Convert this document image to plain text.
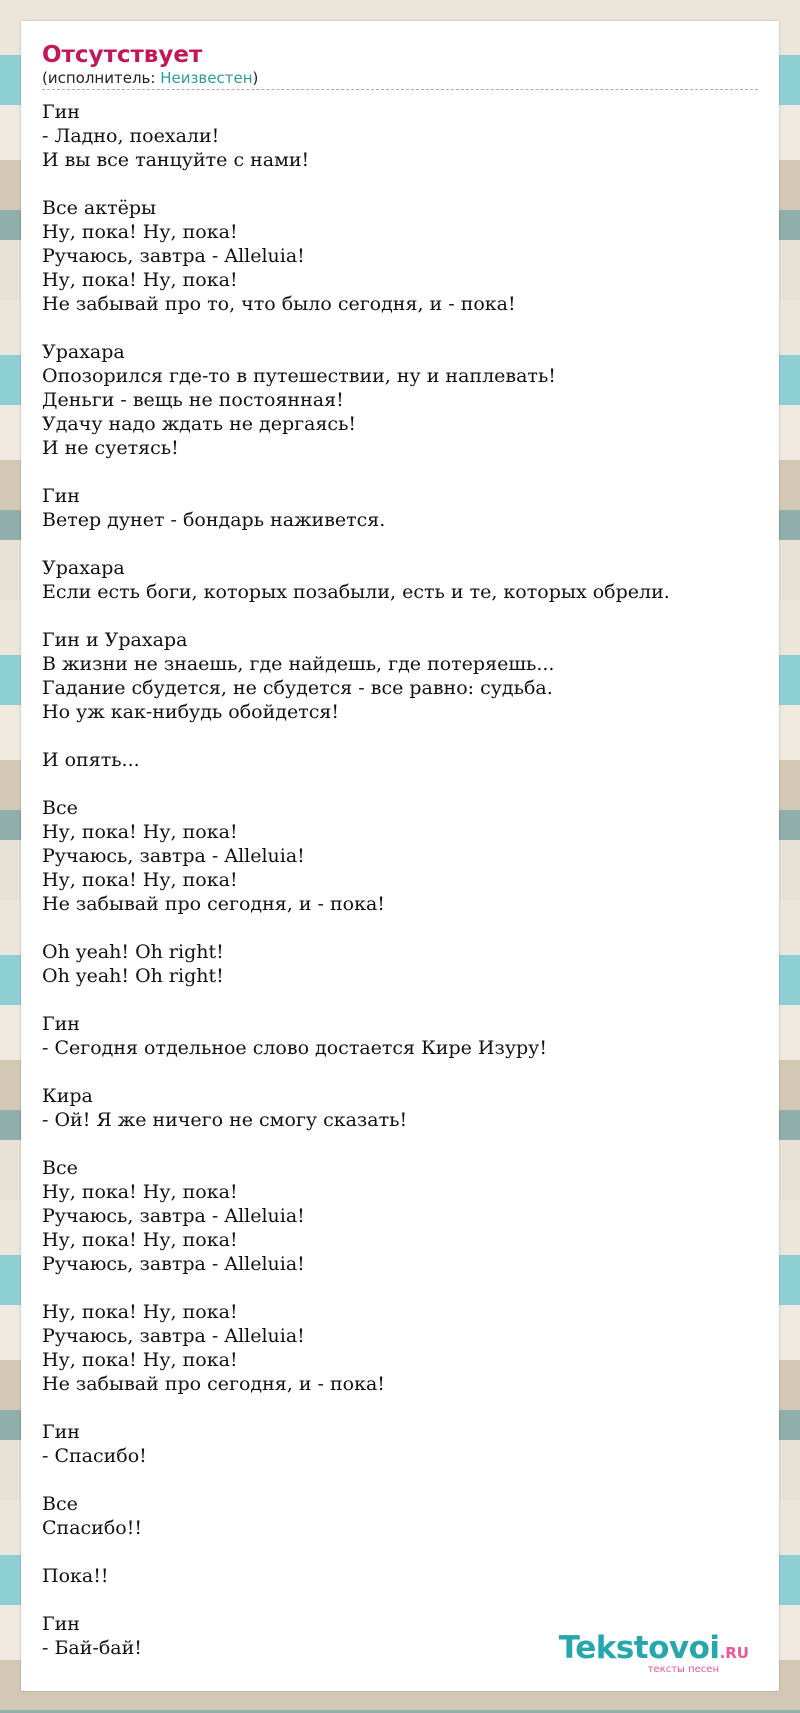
Отсутствует
(исполнитель: Неизвестен)
Гин
- Ладно, поехали!
И вы все танцуйте с нами!
Все актёры
Ну, пока! Ну, пока!
Ручаюсь, завтра - Alleluia!
Ну, пока! Ну, пока!
Не забывай про то, что было сегодня, и - пока!
Урахара
Опозорился где-то в путешествии, ну и наплевать!
Деньги - вещь не постоянная!
Удачу надо ждать не дергаясь!
И не суетясь!
Гин
Ветер дунет - бондарь наживется.
Урахара
Если есть боги, которых позабыли, есть и те, которых обрели.
Гин и Урахара
В жизни не знаешь, где найдешь, где потеряешь...
Гадание сбудется, не сбудется - все равно: судьба.
Но уж как-нибудь обойдется!
И опять...
Все
Ну, пока! Ну, пока!
Ручаюсь, завтра - Alleluia!
Ну, пока! Ну, пока!
Не забывай про сегодня, и - пока!
Oh yeah! Oh right!
Oh yeah! Oh right!
Гин
- Сегодня отдельное слово достается Кире Изуру!
Кира
- Ой! Я же ничего не смогу сказать!
Все
Ну, пока! Ну, пока!
Ручаюсь, завтра - Alleluia!
Ну, пока! Ну, пока!
Ручаюсь, завтра - Alleluia!
Ну, пока! Ну, пока!
Ручаюсь, завтра - Alleluia!
Ну, пока! Ну, пока!
Не забывай про сегодня, и - пока!
Гин
- Спасибо!
Все
Спасибо!!
Пока!!
Гин
- Бай-бай!	Tekstovoi.RU
тексты песен
